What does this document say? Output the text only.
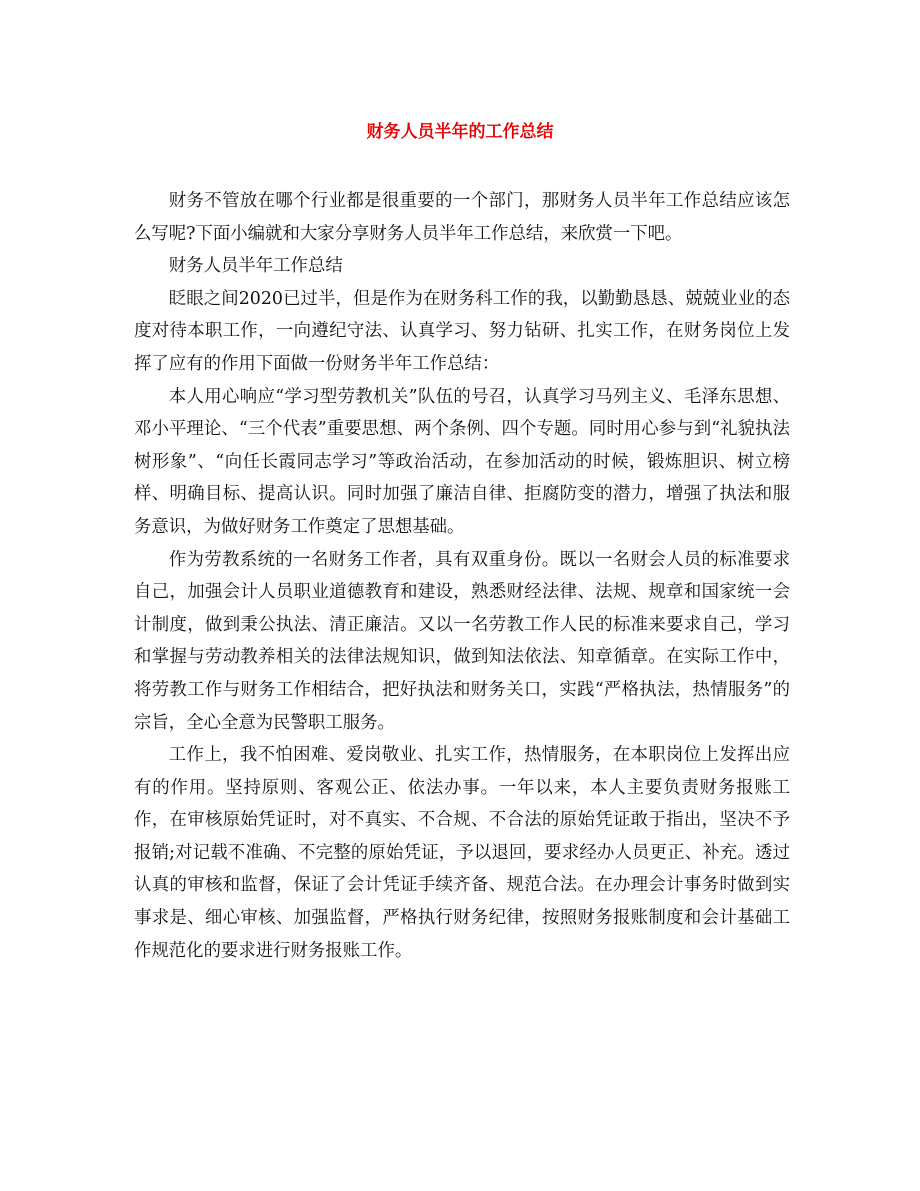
财务人员半年的工作总结

财务不管放在哪个行业都是很重要的一个部门，那财务人员半年工作总结应该怎么写呢?下面小编就和大家分享财务人员半年工作总结，来欣赏一下吧。

财务人员半年工作总结

眨眼之间2020已过半，但是作为在财务科工作的我，以勤勤恳恳、兢兢业业的态度对待本职工作，一向遵纪守法、认真学习、努力钻研、扎实工作，在财务岗位上发挥了应有的作用下面做一份财务半年工作总结：

本人用心响应“学习型劳教机关”队伍的号召，认真学习马列主义、毛泽东思想、邓小平理论、“三个代表”重要思想、两个条例、四个专题。同时用心参与到“礼貌执法树形象”、“向任长霞同志学习”等政治活动，在参加活动的时候，锻炼胆识、树立榜样、明确目标、提高认识。同时加强了廉洁自律、拒腐防变的潜力，增强了执法和服务意识，为做好财务工作奠定了思想基础。

作为劳教系统的一名财务工作者，具有双重身份。既以一名财会人员的标准要求自己，加强会计人员职业道德教育和建设，熟悉财经法律、法规、规章和国家统一会计制度，做到秉公执法、清正廉洁。又以一名劳教工作人民的标准来要求自己，学习和掌握与劳动教养相关的法律法规知识，做到知法依法、知章循章。在实际工作中，将劳教工作与财务工作相结合，把好执法和财务关口，实践“严格执法，热情服务”的宗旨，全心全意为民警职工服务。

工作上，我不怕困难、爱岗敬业、扎实工作，热情服务，在本职岗位上发挥出应有的作用。坚持原则、客观公正、依法办事。一年以来，本人主要负责财务报账工作，在审核原始凭证时，对不真实、不合规、不合法的原始凭证敢于指出，坚决不予报销;对记载不准确、不完整的原始凭证，予以退回，要求经办人员更正、补充。透过认真的审核和监督，保证了会计凭证手续齐备、规范合法。在办理会计事务时做到实事求是、细心审核、加强监督，严格执行财务纪律，按照财务报账制度和会计基础工作规范化的要求进行财务报账工作。
